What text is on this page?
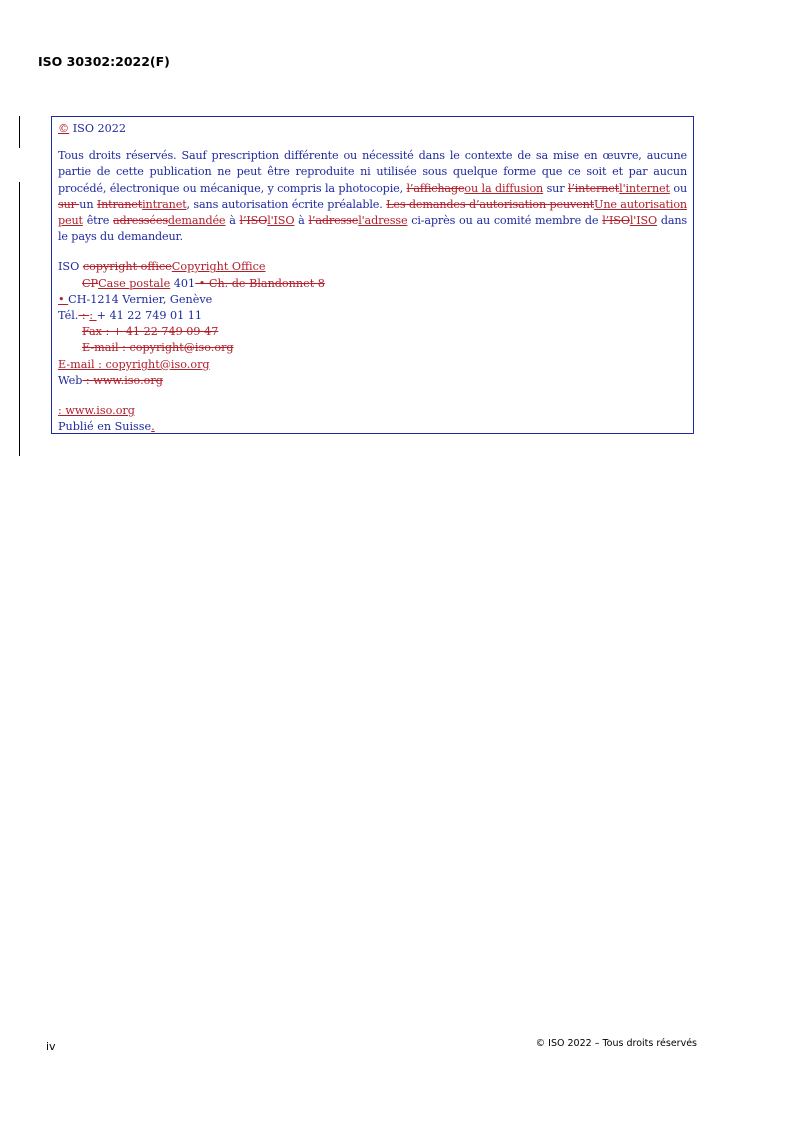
ISO 30302:2022(F)

© ISO 2022

Tous droits réservés. Sauf prescription différente ou nécessité dans le contexte de sa mise en œuvre, aucune partie de cette publication ne peut être reproduite ni utilisée sous quelque forme que ce soit et par aucun procédé, électronique ou mécanique, y compris la photocopie, l’affichageou la diffusion sur l’internetl'internet ou sur un Intranetintranet, sans autorisation écrite préalable. Les demandes d’autorisation peuventUne autorisation peut être adresséesdemandée à l’ISOl'ISO à l’adressel'adresse ci-après ou au comité membre de l’ISOl'ISO dans le pays du demandeur.

ISO copyright officeCopyright Office

CPCase postale 401 • Ch. de Blandonnet 8

• CH-1214 Vernier, Genève

Tél. : : + 41 22 749 01 11

Fax : + 41 22 749 09 47

E-mail : copyright@iso.org

E-mail : copyright@iso.org

Web : www.iso.org

: www.iso.org

Publié en Suisse.

iv	© ISO 2022 – Tous droits réservés
